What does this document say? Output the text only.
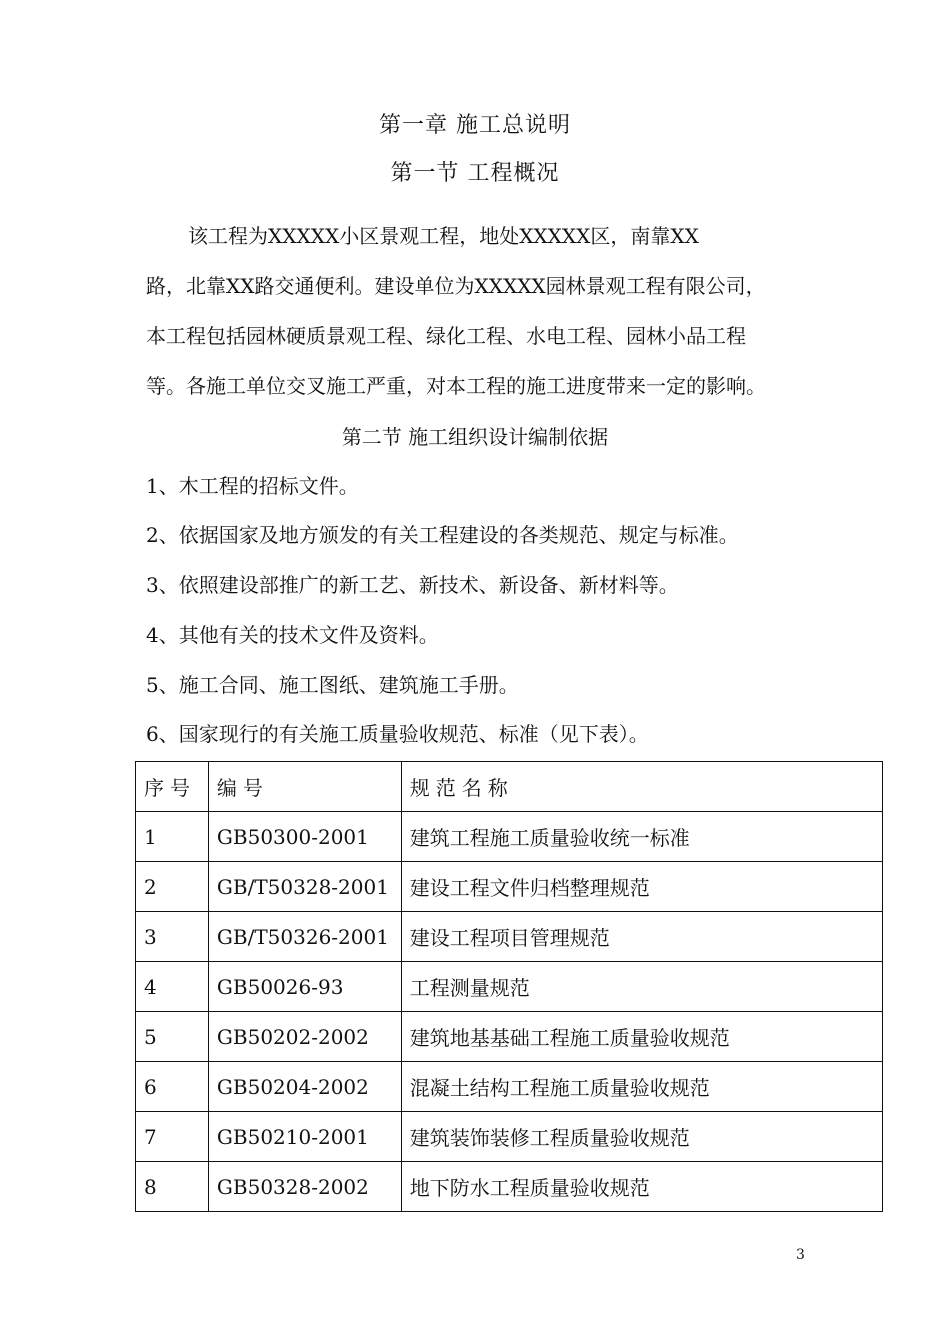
第一章 施工总说明
第一节 工程概况
该工程为XXXXX小区景观工程，地处XXXXX区，南靠XX
路，北靠XX路交通便利。建设单位为XXXXX园林景观工程有限公司，
本工程包括园林硬质景观工程、绿化工程、水电工程、园林小品工程
等。各施工单位交叉施工严重，对本工程的施工进度带来一定的影响。
第二节 施工组织设计编制依据
1、木工程的招标文件。
2、依据国家及地方颁发的有关工程建设的各类规范、规定与标准。
3、依照建设部推广的新工艺、新技术、新设备、新材料等。
4、其他有关的技术文件及资料。
5、施工合同、施工图纸、建筑施工手册。
6、国家现行的有关施工质量验收规范、标准（见下表）。
序号	编号	规范名称
1	GB50300-2001	建筑工程施工质量验收统一标准
2	GB/T50328-2001	建设工程文件归档整理规范
3	GB/T50326-2001	建设工程项目管理规范
4	GB50026-93	工程测量规范
5	GB50202-2002	建筑地基基础工程施工质量验收规范
6	GB50204-2002	混凝土结构工程施工质量验收规范
7	GB50210-2001	建筑装饰装修工程质量验收规范
8	GB50328-2002	地下防水工程质量验收规范
3
